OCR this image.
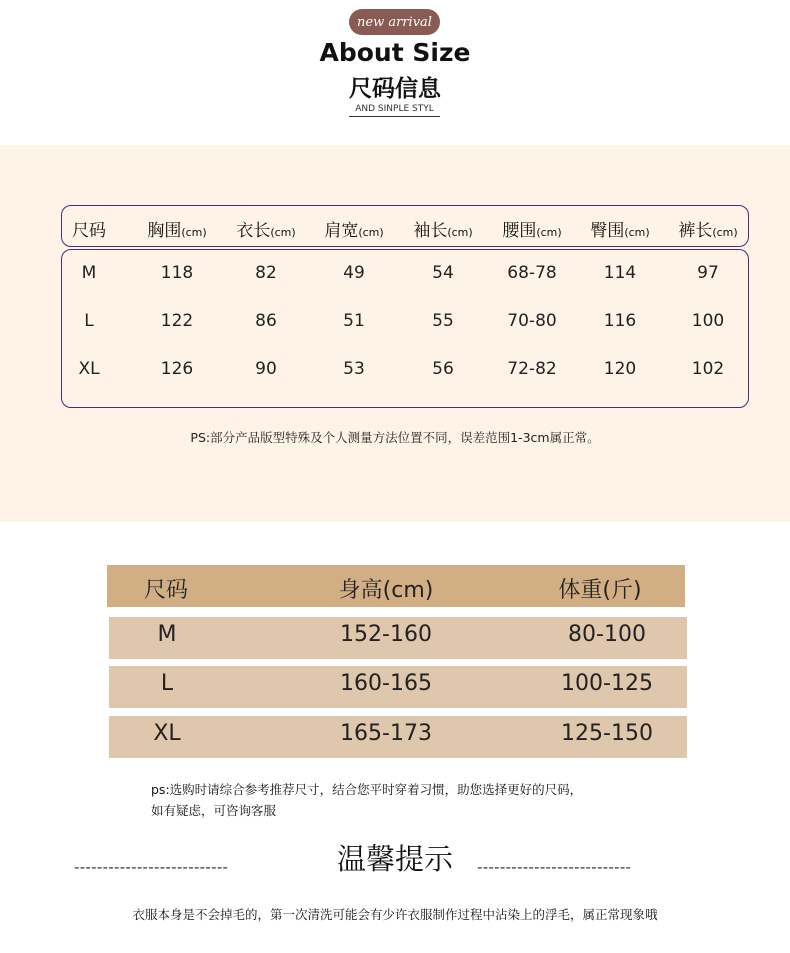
new arrival
About Size
尺码信息
AND SINPLE STYL
尺码 胸围(cm) 衣长(cm) 肩宽(cm) 袖长(cm) 腰围(cm) 臀围(cm) 裤长(cm)
M	118	82	49	54	68-78	114	97
L	122	86	51	55	70-80	116	100
XL	126	90	53	56	72-82	120	102
PS:部分产品版型特殊及个人测量方法位置不同，误差范围1-3cm属正常。
尺码	身高(cm)	体重(斤)
M	152-160	80-100
L	160-165	100-125
XL	165-173	125-150
ps:选购时请综合参考推荐尺寸，结合您平时穿着习惯，助您选择更好的尺码，
如有疑虑，可咨询客服
---------------------------	温馨提示	---------------------------
衣服本身是不会掉毛的，第一次清洗可能会有少许衣服制作过程中沾染上的浮毛，属正常现象哦
